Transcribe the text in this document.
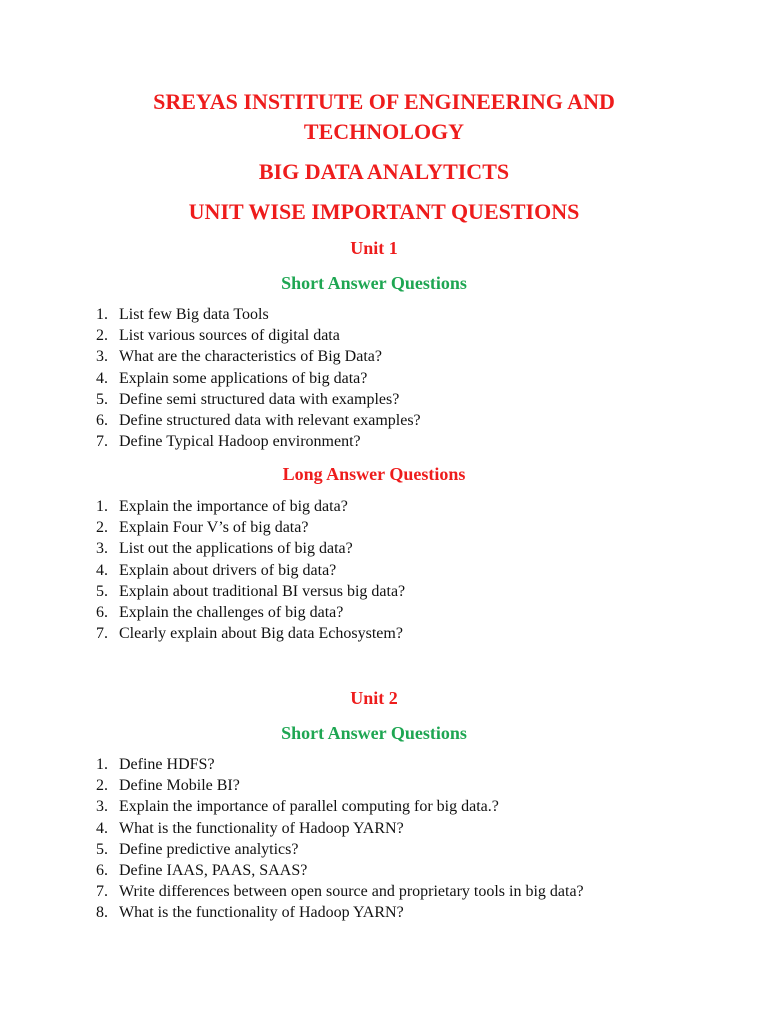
SREYAS INSTITUTE OF ENGINEERING AND
TECHNOLOGY
BIG DATA ANALYTICTS
UNIT WISE IMPORTANT QUESTIONS
Unit 1
Short Answer Questions
1. List few Big data Tools
2. List various sources of digital data
3. What are the characteristics of Big Data?
4. Explain some applications of big data?
5. Define semi structured data with examples?
6. Define structured data with relevant examples?
7. Define Typical Hadoop environment?
Long Answer Questions
1. Explain the importance of big data?
2. Explain Four V’s of big data?
3. List out the applications of big data?
4. Explain about drivers of big data?
5. Explain about traditional BI versus big data?
6. Explain the challenges of big data?
7. Clearly explain about Big data Echosystem?
Unit 2
Short Answer Questions
1. Define HDFS?
2. Define Mobile BI?
3. Explain the importance of parallel computing for big data.?
4. What is the functionality of Hadoop YARN?
5. Define predictive analytics?
6. Define IAAS, PAAS, SAAS?
7. Write differences between open source and proprietary tools in big data?
8. What is the functionality of Hadoop YARN?
